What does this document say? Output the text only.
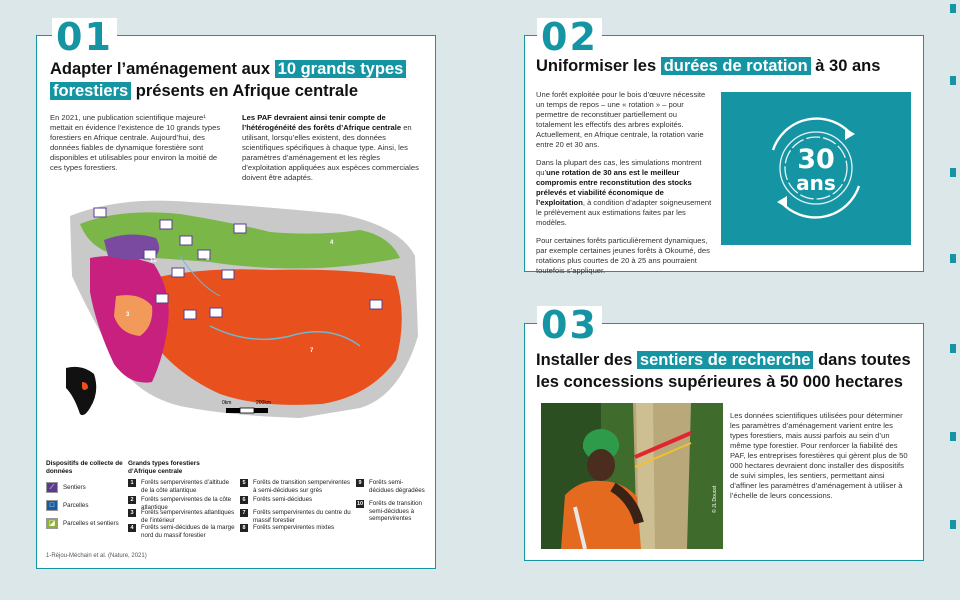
01
Adapter l’aménagement aux 10 grands types
forestiers présents en Afrique centrale
En 2021, une publication scientifique majeure¹ mettait en évidence l’existence de 10 grands types forestiers en Afrique centrale. Aujourd’hui, des données fiables de dynamique forestière sont disponibles et utilisables pour environ la moitié de ces types forestiers.
Les PAF devraient ainsi tenir compte de l’hétérogénéité des forêts d’Afrique centrale en utilisant, lorsqu’elles existent, des données scientifiques spécifiques à chaque type. Ainsi, les paramètres d’aménagement et les règles d’exploitation appliquées aux espèces commerciales doivent être adaptés.
0km	200km
3
7
4
6
10
Dispositifs de collecte de données
⟋	Sentiers
□	Parcelles
◪	Parcelles et sentiers
Grands types forestiers d’Afrique centrale
1	Forêts sempervirentes d’altitude de la côte atlantique
2	Forêts sempervirentes de la côte atlantique
3	Forêts sempervirentes atlantiques de l’intérieur
4	Forêts semi-décidues de la marge nord du massif forestier
5	Forêts de transition sempervirentes à semi-décidues sur grès
6	Forêts semi-décidues
7	Forêts sempervirentes du centre du massif forestier
8	Forêts sempervirentes mixtes
9	Forêts semi-décidues dégradées
10 Forêts de transition semi-décidues à sempervirentes
1-Réjou-Méchain et al. (Nature, 2021)
02
Uniformiser les durées de rotation à 30 ans

Une forêt exploitée pour le bois d’œuvre nécessite un temps de repos – une « rotation » – pour permettre de reconstituer partiellement ou totalement les effectifs des arbres exploités. Actuellement, en Afrique centrale, la rotation varie entre 20 et 30 ans.

Dans la plupart des cas, les simulations montrent qu’une rotation de 30 ans est le meilleur compromis entre reconstitution des stocks prélevés et viabilité économique de l’exploitation, à condition d’adapter soigneusement le prélèvement aux estimations faites par les modèles.

Pour certaines forêts particulièrement dynamiques, par exemple certaines jeunes forêts à Okoumé, des rotations plus courtes de 20 à 25 ans pourraient toutefois s’appliquer.

30
ans
03
Installer des sentiers de recherche dans toutes les concessions supérieures à 50 000 hectares
© JL Doucet
Les données scientifiques utilisées pour déterminer les paramètres d’aménagement varient entre les types forestiers, mais aussi parfois au sein d’un même type forestier. Pour renforcer la fiabilité des PAF, les entreprises forestières qui gèrent plus de 50 000 hectares devraient donc installer des dispositifs de suivi simples, les sentiers, permettant ainsi d’affiner les paramètres d’aménagement à utiliser à l’échelle de leurs concessions.
